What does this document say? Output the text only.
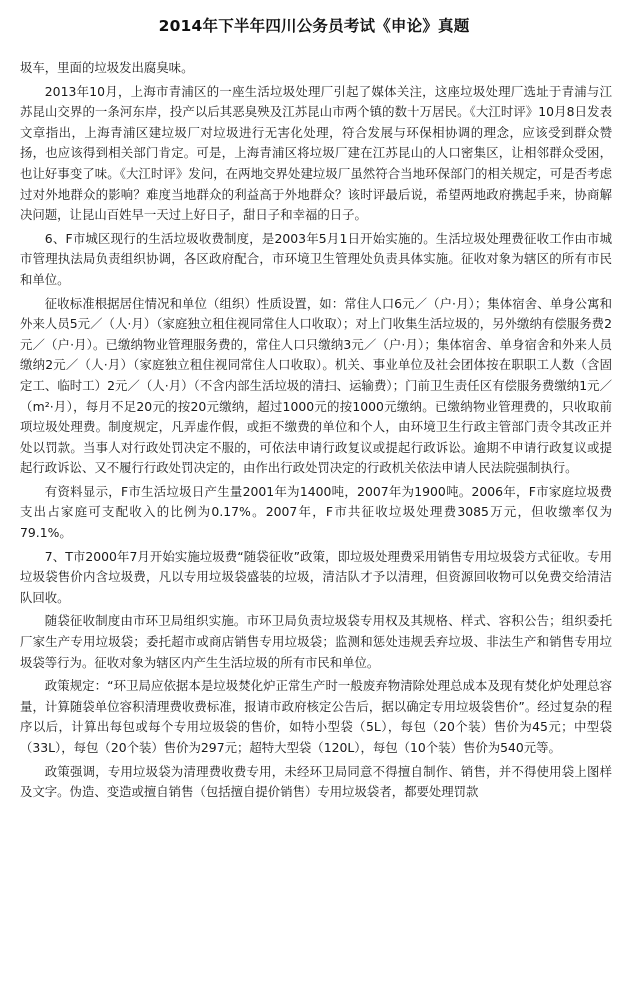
2014年下半年四川公务员考试《申论》真题

圾车，里面的垃圾发出腐臭味。

2013年10月，上海市青浦区的一座生活垃圾处理厂引起了媒体关注，这座垃圾处理厂选址于青浦与江苏昆山交界的一条河东岸，投产以后其恶臭殃及江苏昆山市两个镇的数十万居民。《大江时评》10月8日发表文章指出，上海青浦区建垃圾厂对垃圾进行无害化处理，符合发展与环保相协调的理念，应该受到群众赞扬，也应该得到相关部门肯定。可是，上海青浦区将垃圾厂建在江苏昆山的人口密集区，让相邻群众受困，也让好事变了味。《大江时评》发问，在两地交界处建垃圾厂虽然符合当地环保部门的相关规定，可是否考虑过对外地群众的影响？难度当地群众的利益高于外地群众？该时评最后说，希望两地政府携起手来，协商解决问题，让昆山百姓早一天过上好日子，甜日子和幸福的日子。

6、F市城区现行的生活垃圾收费制度，是2003年5月1日开始实施的。生活垃圾处理费征收工作由市城市管理执法局负责组织协调，各区政府配合，市环境卫生管理处负责具体实施。征收对象为辖区的所有市民和单位。

征收标准根据居住情况和单位（组织）性质设置，如：常住人口6元／（户·月）；集体宿舍、单身公寓和外来人员5元／（人·月）（家庭独立租住视同常住人口收取）；对上门收集生活垃圾的，另外缴纳有偿服务费2元／（户·月）。已缴纳物业管理服务费的，常住人口只缴纳3元／（户·月）；集体宿舍、单身宿舍和外来人员缴纳2元／（人·月）（家庭独立租住视同常住人口收取）。机关、事业单位及社会团体按在职职工人数（含固定工、临时工）2元／（人·月）（不含内部生活垃圾的清扫、运输费）；门前卫生责任区有偿服务费缴纳1元／（m²·月），每月不足20元的按20元缴纳，超过1000元的按1000元缴纳。已缴纳物业管理费的，只收取前项垃圾处理费。制度规定，凡弄虚作假，或拒不缴费的单位和个人，由环境卫生行政主管部门责令其改正并处以罚款。当事人对行政处罚决定不服的，可依法申请行政复议或提起行政诉讼。逾期不申请行政复议或提起行政诉讼、又不履行行政处罚决定的，由作出行政处罚决定的行政机关依法申请人民法院强制执行。

有资料显示，F市生活垃圾日产生量2001年为1400吨，2007年为1900吨。2006年，F市家庭垃圾费支出占家庭可支配收入的比例为0.17%。2007年，F市共征收垃圾处理费3085万元，但收缴率仅为79.1%。

7、T市2000年7月开始实施垃圾费“随袋征收”政策，即垃圾处理费采用销售专用垃圾袋方式征收。专用垃圾袋售价内含垃圾费，凡以专用垃圾袋盛装的垃圾，清洁队才予以清理，但资源回收物可以免费交给清洁队回收。

随袋征收制度由市环卫局组织实施。市环卫局负责垃圾袋专用权及其规格、样式、容积公告；组织委托厂家生产专用垃圾袋；委托超市或商店销售专用垃圾袋；监测和惩处违规丢弃垃圾、非法生产和销售专用垃圾袋等行为。征收对象为辖区内产生生活垃圾的所有市民和单位。

政策规定：“环卫局应依据本是垃圾焚化炉正常生产时一般废弃物清除处理总成本及现有焚化炉处理总容量，计算随袋单位容积清理费收费标准，报请市政府核定公告后，据以确定专用垃圾袋售价”。经过复杂的程序以后，计算出每包或每个专用垃圾袋的售价，如特小型袋（5L），每包（20个装）售价为45元；中型袋（33L），每包（20个装）售价为297元；超特大型袋（120L），每包（10个装）售价为540元等。

政策强调，专用垃圾袋为清理费收费专用，未经环卫局同意不得擅自制作、销售，并不得使用袋上图样及文字。伪造、变造或擅自销售（包括擅自提价销售）专用垃圾袋者，都要处理罚款
